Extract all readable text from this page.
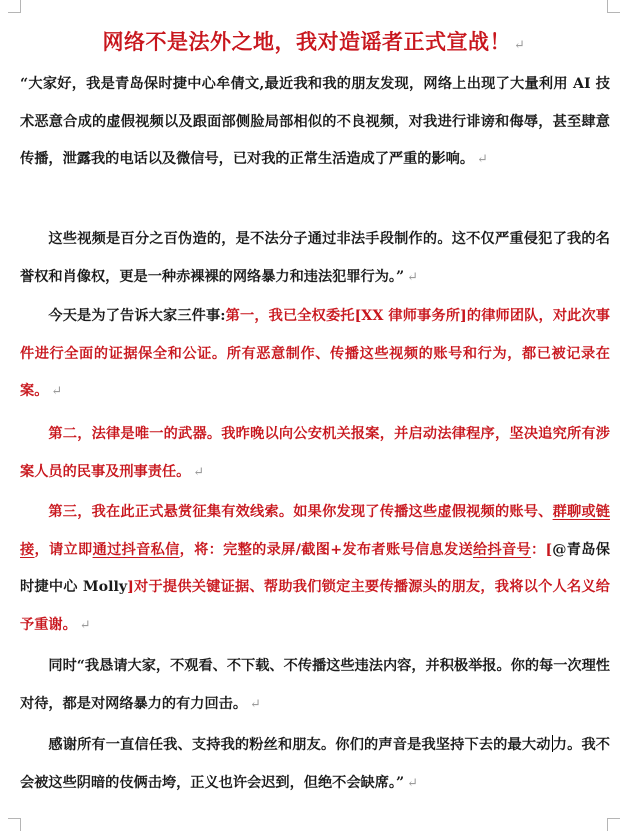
网络不是法外之地，我对造谣者正式宣战！ ↵
“大家好，我是青岛保时捷中心牟倩文,最近我和我的朋友发现，网络上出现了大量利用 AI 技术恶意合成的虚假视频以及跟面部侧脸局部相似的不良视频，对我进行诽谤和侮辱，甚至肆意传播，泄露我的电话以及微信号，已对我的正常生活造成了严重的影响。 ↵
这些视频是百分之百伪造的，是不法分子通过非法手段制作的。这不仅严重侵犯了我的名誉权和肖像权，更是一种赤裸裸的网络暴力和违法犯罪行为。” ↵
今天是为了告诉大家三件事:第一，我已全权委托[XX 律师事务所]的律师团队，对此次事件进行全面的证据保全和公证。所有恶意制作、传播这些视频的账号和行为，都已被记录在案。 ↵
第二，法律是唯一的武器。我昨晚以向公安机关报案，并启动法律程序，坚决追究所有涉案人员的民事及刑事责任。 ↵
第三，我在此正式悬赏征集有效线索。如果你发现了传播这些虚假视频的账号、群聊或链接，请立即通过抖音私信，将：完整的录屏/截图+发布者账号信息发送给抖音号：[@青岛保时捷中心 Molly]对于提供关键证据、帮助我们锁定主要传播源头的朋友，我将以个人名义给予重谢。 ↵
同时“我恳请大家，不观看、不下载、不传播这些违法内容，并积极举报。你的每一次理性对待，都是对网络暴力的有力回击。 ↵
感谢所有一直信任我、支持我的粉丝和朋友。你们的声音是我坚持下去的最大动 力。我不会被这些阴暗的伎俩击垮，正义也许会迟到，但绝不会缺席。” ↵
